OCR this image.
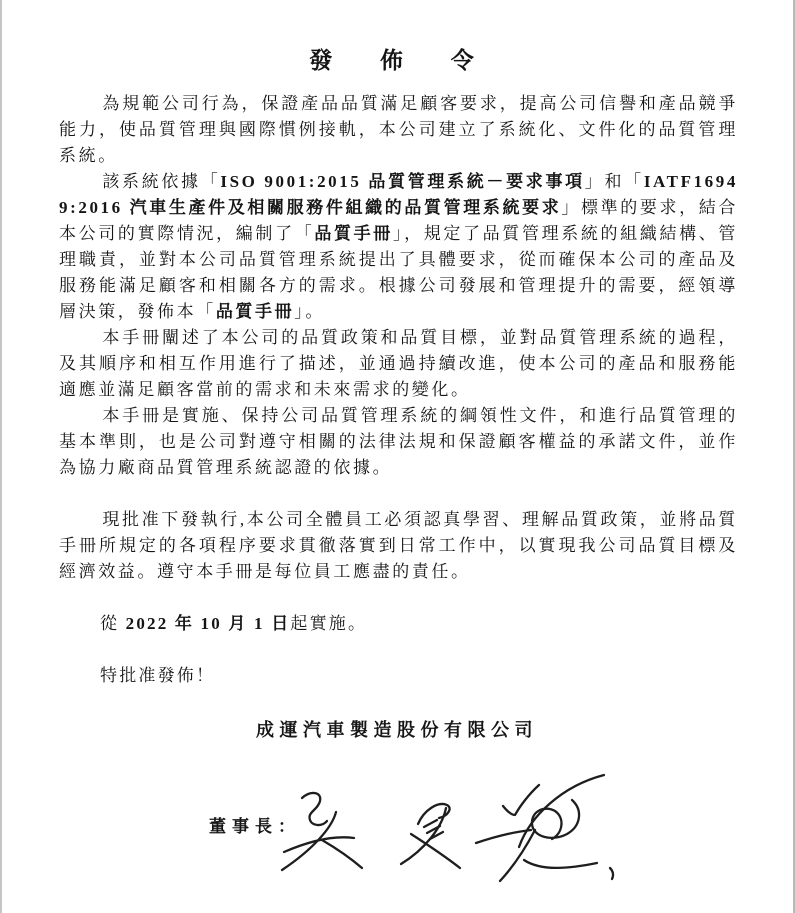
發 佈 令

為規範公司行為，保證產品品質滿足顧客要求，提高公司信譽和產品競爭能力，使品質管理與國際慣例接軌，本公司建立了系統化、文件化的品質管理系統。

該系統依據「ISO 9001:2015 品質管理系統－要求事項」和「IATF16949:2016 汽車生產件及相關服務件組織的品質管理系統要求」標準的要求，結合本公司的實際情況，編制了「品質手冊」，規定了品質管理系統的組織結構、管理職責，並對本公司品質管理系統提出了具體要求，從而確保本公司的產品及服務能滿足顧客和相關各方的需求。根據公司發展和管理提升的需要，經領導層決策，發佈本「品質手冊」。

本手冊闡述了本公司的品質政策和品質目標，並對品質管理系統的過程，及其順序和相互作用進行了描述，並通過持續改進，使本公司的產品和服務能適應並滿足顧客當前的需求和未來需求的變化。

本手冊是實施、保持公司品質管理系統的綱領性文件，和進行品質管理的基本準則，也是公司對遵守相關的法律法規和保證顧客權益的承諾文件，並作為協力廠商品質管理系統認證的依據。

現批准下發執行,本公司全體員工必須認真學習、理解品質政策，並將品質手冊所規定的各項程序要求貫徹落實到日常工作中，以實現我公司品質目標及經濟效益。遵守本手冊是每位員工應盡的責任。

從 2022 年 10 月 1 日起實施。

特批准發佈！

成運汽車製造股份有限公司
董事長：
